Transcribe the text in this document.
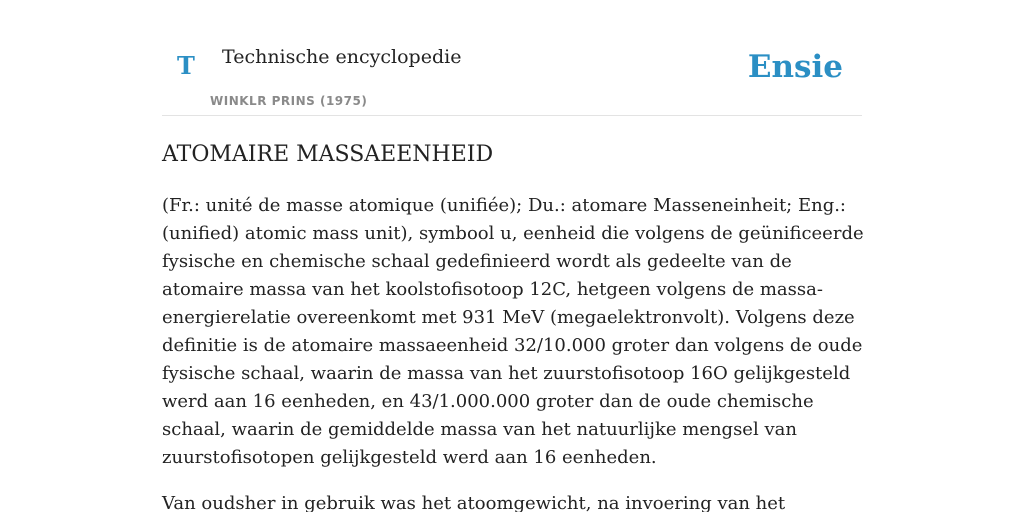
T Technische encyclopedie
WINKLR PRINS (1975)
Ensie
ATOMAIRE MASSAEENHEID

(Fr.: unité de masse atomique (unifiée); Du.: atomare Masseneinheit; Eng.: (unified) atomic mass unit), symbool u, eenheid die volgens de geünificeerde fysische en chemische schaal gedefinieerd wordt als gedeelte van de atomaire massa van het koolstofisotoop 12C, hetgeen volgens de massa-energierelatie overeenkomt met 931 MeV (megaelektronvolt). Volgens deze definitie is de atomaire massaeenheid 32/10.000 groter dan volgens de oude fysische schaal, waarin de massa van het zuurstofisotoop 16O gelijkgesteld werd aan 16 eenheden, en 43/1.000.000 groter dan de oude chemische schaal, waarin de gemiddelde massa van het natuurlijke mengsel van zuurstofisotopen gelijkgesteld werd aan 16 eenheden.

Van oudsher in gebruik was het atoomgewicht, na invoering van het
